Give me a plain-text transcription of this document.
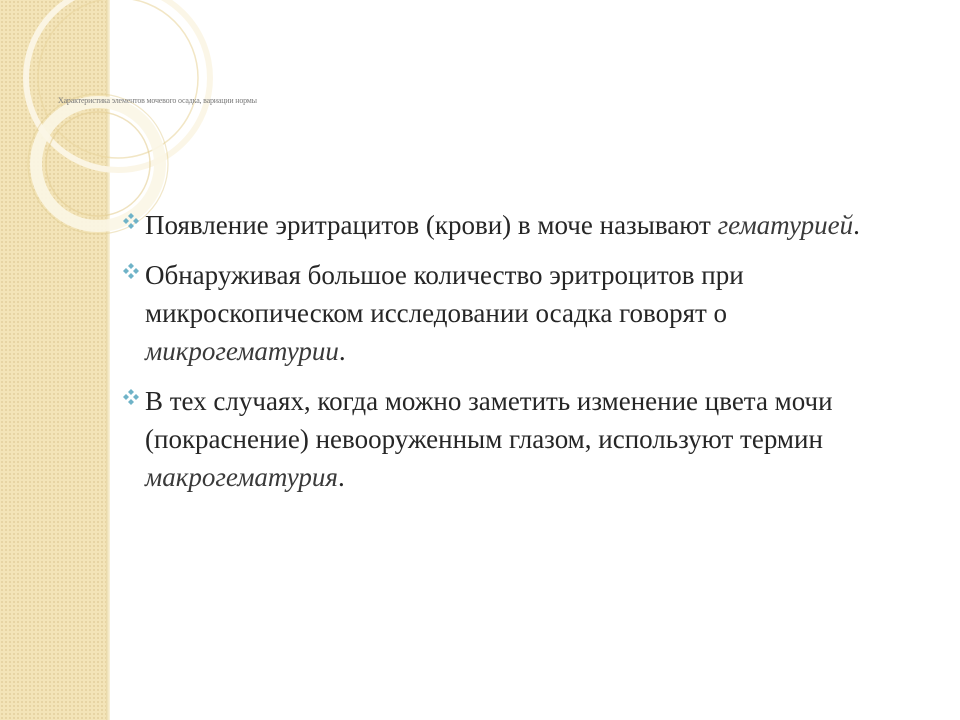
Характеристика элементов мочевого осадка, вариации нормы
Появление эритрацитов (крови) в моче называют гематурией.
Обнаруживая большое количество эритроцитов при микроскопическом исследовании осадка говорят о микрогематурии.
В тех случаях, когда можно заметить изменение цвета мочи (покраснение) невооруженным глазом, используют термин макрогематурия.
